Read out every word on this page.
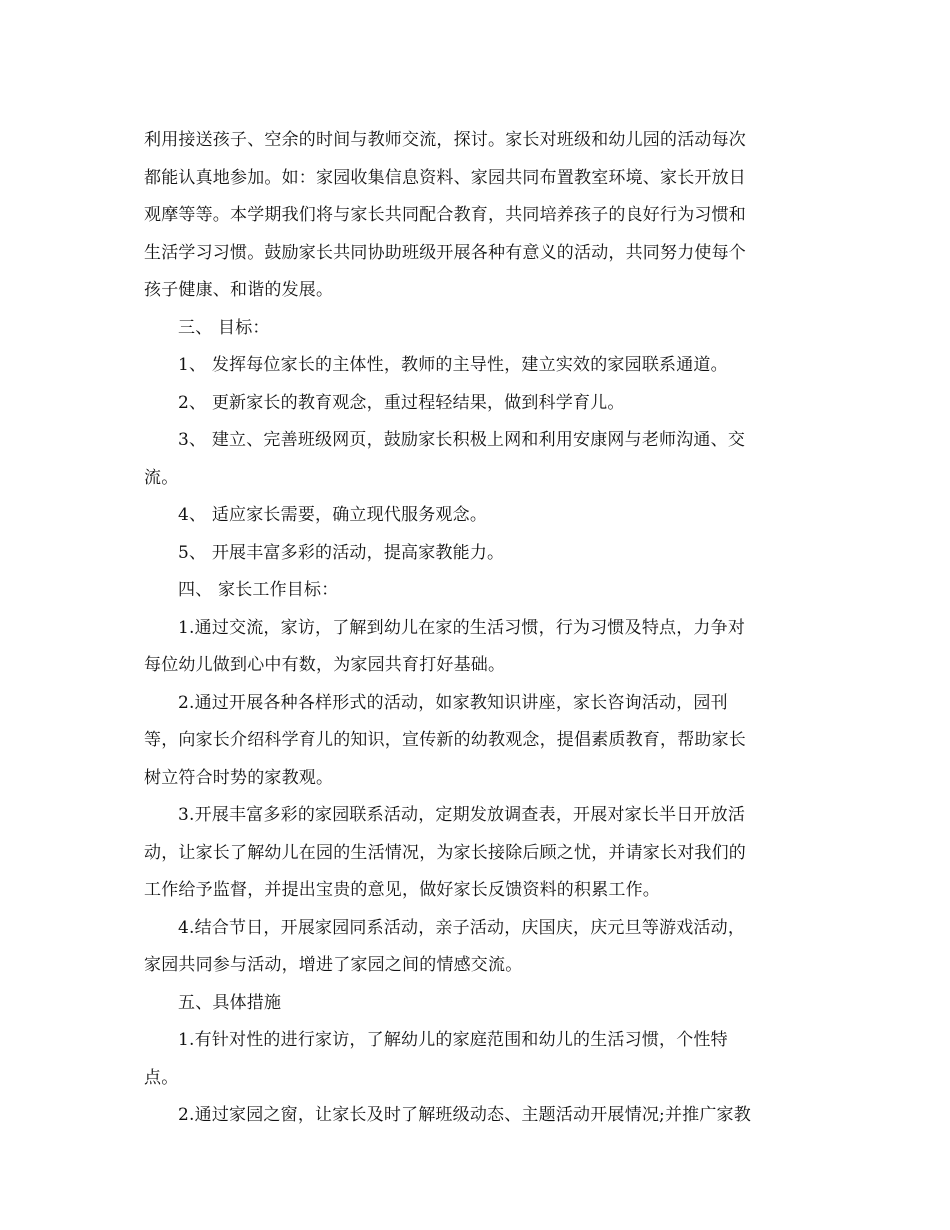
利用接送孩子、空余的时间与教师交流，探讨。家长对班级和幼儿园的活动每次
都能认真地参加。如：家园收集信息资料、家园共同布置教室环境、家长开放日
观摩等等。本学期我们将与家长共同配合教育，共同培养孩子的良好行为习惯和
生活学习习惯。鼓励家长共同协助班级开展各种有意义的活动，共同努力使每个
孩子健康、和谐的发展。
三、 目标：
1、 发挥每位家长的主体性，教师的主导性，建立实效的家园联系通道。
2、 更新家长的教育观念，重过程轻结果，做到科学育儿。
3、 建立、完善班级网页，鼓励家长积极上网和利用安康网与老师沟通、交
流。
4、 适应家长需要，确立现代服务观念。
5、 开展丰富多彩的活动，提高家教能力。
四、 家长工作目标：
1.通过交流，家访，了解到幼儿在家的生活习惯，行为习惯及特点，力争对
每位幼儿做到心中有数，为家园共育打好基础。
2.通过开展各种各样形式的活动，如家教知识讲座，家长咨询活动，园刊
等，向家长介绍科学育儿的知识，宣传新的幼教观念，提倡素质教育，帮助家长
树立符合时势的家教观。
3.开展丰富多彩的家园联系活动，定期发放调查表，开展对家长半日开放活
动，让家长了解幼儿在园的生活情况，为家长接除后顾之忧，并请家长对我们的
工作给予监督，并提出宝贵的意见，做好家长反馈资料的积累工作。
4.结合节日，开展家园同系活动，亲子活动，庆国庆，庆元旦等游戏活动，
家园共同参与活动，增进了家园之间的情感交流。
五、具体措施
1.有针对性的进行家访，了解幼儿的家庭范围和幼儿的生活习惯，个性特
点。
2.通过家园之窗，让家长及时了解班级动态、主题活动开展情况;并推广家教
